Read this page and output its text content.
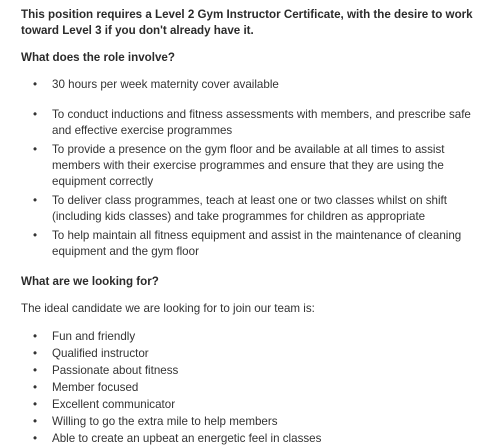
This position requires a Level 2 Gym Instructor Certificate, with the desire to work toward Level 3 if you don't already have it.

What does the role involve?
• 30 hours per week maternity cover available
• To conduct inductions and fitness assessments with members, and prescribe safe and effective exercise programmes
• To provide a presence on the gym floor and be available at all times to assist members with their exercise programmes and ensure that they are using the equipment correctly
• To deliver class programmes, teach at least one or two classes whilst on shift (including kids classes) and take programmes for children as appropriate
• To help maintain all fitness equipment and assist in the maintenance of cleaning equipment and the gym floor
What are we looking for?

The ideal candidate we are looking for to join our team is:

• Fun and friendly
• Qualified instructor
• Passionate about fitness
• Member focused
• Excellent communicator
• Willing to go the extra mile to help members
• Able to create an upbeat an energetic feel in classes
